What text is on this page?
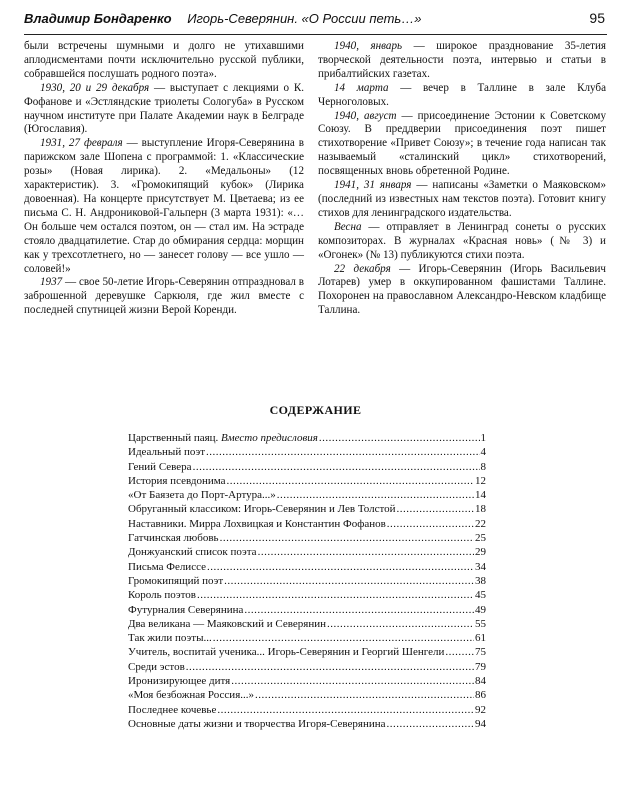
Владимир Бондаренко Игорь-Северянин. «О России петь…»	95

были встречены шумными и долго не утихавшими аплодисментами почти исключительно русской публики, собравшейся послушать родного поэта».

1930, 20 и 29 декабря — выступает с лекциями о К. Фофанове и «Эстляндские триолеты Сологуба» в Русском научном институте при Палате Академии наук в Белграде (Югославия).

1931, 27 февраля — выступление Игоря-Северянина в парижском зале Шопена с программой: 1. «Классические розы» (Новая лирика). 2. «Медальоны» (12 характеристик). 3. «Громокипящий кубок» (Лирика довоенная). На концерте присутствует М. Цветаева; из ее письма С. Н. Андрониковой-Гальперн (3 марта 1931): «…Он больше чем остался поэтом, он — стал им. На эстраде стояло двадцатилетие. Стар до обмирания сердца: морщин как у трехсотлетнего, но — занесет голову — все ушло — соловей!»

1937 — свое 50-летие Игорь-Северянин отпраздновал в заброшенной деревушке Саркюля, где жил вместе с последней спутницей жизни Верой Коренди.

1940, январь — широкое празднование 35-летия творческой деятельности поэта, интервью и статьи в прибалтийских газетах.

14 марта — вечер в Таллине в зале Клуба Черноголовых.

1940, август — присоединение Эстонии к Советскому Союзу. В преддверии присоединения поэт пишет стихотворение «Привет Союзу»; в течение года написан так называемый «сталинский цикл» стихотворений, посвященных вновь обретенной Родине.

1941, 31 января — написаны «Заметки о Маяковском» (последний из известных нам текстов поэта). Готовит книгу стихов для ленинградского издательства.

Весна — отправляет в Ленинград сонеты о русских композиторах. В журналах «Красная новь» (№ 3) и «Огонек» (№ 13) публикуются стихи поэта.

22 декабря — Игорь-Северянин (Игорь Васильевич Лотарев) умер в оккупированном фашистами Таллине. Похоронен на православном Александро-Невском кладбище Таллина.

СОДЕРЖАНИЕ
Царственный паяц. Вместо предисловия .....	1
Идеальный поэт .....	4
Гений Севера .....	8
История псевдонима .....	12
«От Баязета до Порт-Артура...» .....	14
Обруганный классиком: Игорь-Северянин и Лев Толстой .....	18
Наставники. Мирра Лохвицкая и Константин Фофанов .....	22
Гатчинская любовь .....	25
Донжуанский список поэта .....	29
Письма Фелиссе .....	34
Громокипящий поэт .....	38
Король поэтов .....	45
Футурналия Северянина .....	49
Два великана — Маяковский и Северянин .....	55
Так жили поэты... .....	61
Учитель, воспитай ученика... Игорь-Северянин и Георгий Шенгели .....	75
Среди эстов .....	79
Иронизирующее дитя .....	84
«Моя безбожная Россия...» .....	86
Последнее кочевье .....	92
Основные даты жизни и творчества Игоря-Северянина .....	94
